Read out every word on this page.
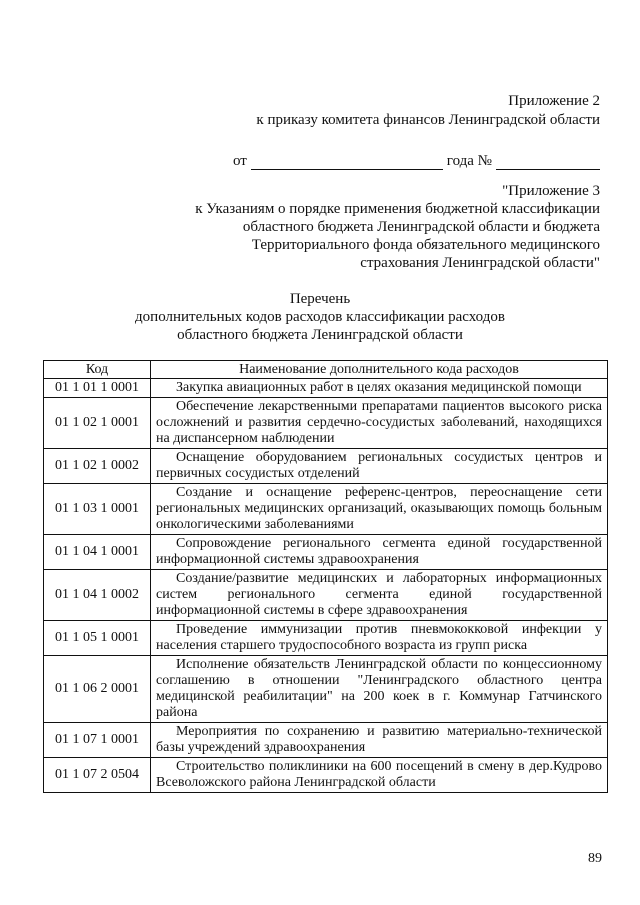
Приложение 2
к приказу комитета финансов Ленинградской области
от	года №
"Приложение 3
к Указаниям о порядке применения бюджетной классификации
областного бюджета Ленинградской области и бюджета
Территориального фонда обязательного медицинского
страхования Ленинградской области"
Перечень
дополнительных кодов расходов классификации расходов
областного бюджета Ленинградской области
Код	Наименование дополнительного кода расходов
01 1 01 1 0001	Закупка авиационных работ в целях оказания медицинской помощи
01 1 02 1 0001	Обеспечение лекарственными препаратами пациентов высокого риска осложнений и развития сердечно-сосудистых заболеваний, находящихся на диспансерном наблюдении
01 1 02 1 0002	Оснащение оборудованием региональных сосудистых центров и первичных сосудистых отделений
01 1 03 1 0001	Создание и оснащение референс-центров, переоснащение сети региональных медицинских организаций, оказывающих помощь больным онкологическими заболеваниями
01 1 04 1 0001	Сопровождение регионального сегмента единой государственной информационной системы здравоохранения
01 1 04 1 0002	Создание/развитие медицинских и лабораторных информационных систем регионального сегмента единой государственной информационной системы в сфере здравоохранения
01 1 05 1 0001	Проведение иммунизации против пневмококковой инфекции у населения старшего трудоспособного возраста из групп риска
01 1 06 2 0001	Исполнение обязательств Ленинградской области по концессионному соглашению в отношении "Ленинградского областного центра медицинской реабилитации" на 200 коек в г. Коммунар Гатчинского района
01 1 07 1 0001	Мероприятия по сохранению и развитию материально-технической базы учреждений здравоохранения
01 1 07 2 0504	Строительство поликлиники на 600 посещений в смену в дер.Кудрово Всеволожского района Ленинградской области
89
